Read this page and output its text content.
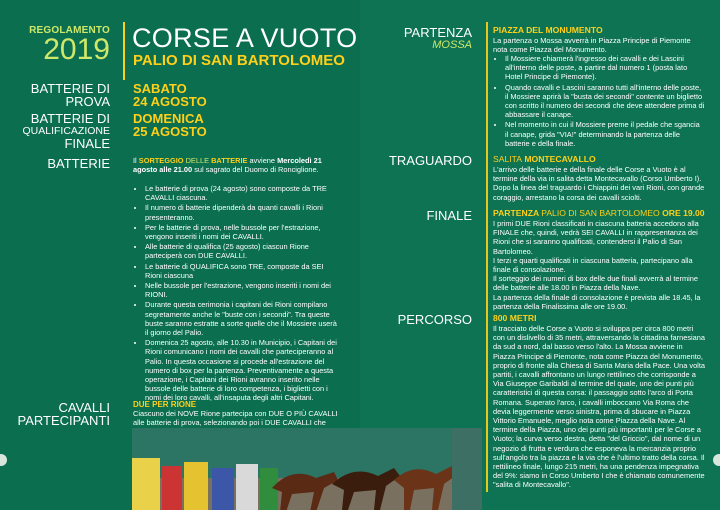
REGOLAMENTO
2019 CORSE A VUOTO
PALIO DI SAN BARTOLOMEO
BATTERIE DI
PROVA
SABATO
24 AGOSTO
BATTERIE DI
QUALIFICAZIONE
FINALE
DOMENICA
25 AGOSTO
BATTERIE	Il SORTEGGIO DELLE BATTERIE avviene Mercoledì 21 agosto alle 21.00 sul sagrato del Duomo di Ronciglione.
• Le batterie di prova (24 agosto) sono composte da TRE CAVALLI ciascuna.
• Il numero di batterie dipenderà da quanti cavalli i Rioni presenteranno.
• Per le batterie di prova, nelle bussole per l'estrazione, vengono inseriti i nomi dei CAVALLI.
• Alle batterie di qualifica (25 agosto) ciascun Rione parteciperà con DUE CAVALLI.
• Le batterie di QUALIFICA sono TRE, composte da SEI Rioni ciascuna
• Nelle bussole per l'estrazione, vengono inseriti i nomi dei RIONI.
• Durante questa cerimonia i capitani dei Rioni compilano segretamente anche le "buste con i secondi". Tra queste buste saranno estratte a sorte quelle che il Mossiere userà il giorno del Palio.
• Domenica 25 agosto, alle 10.30 in Municipio, i Capitani dei Rioni comunicano i nomi dei cavalli che parteciperanno al Palio. In questa occasione si procede all'estrazione del numero di box per la partenza. Preventivamente a questa operazione, i Capitani dei Rioni avranno inserito nelle bussole delle batterie di loro competenza, i biglietti con i nomi dei loro cavalli, all'insaputa degli altri Capitani.
CAVALLI
PARTECIPANTI
DUE PER RIONE
Ciascuno dei NOVE Rione partecipa con DUE O PIÙ CAVALLI alle batterie di prova, selezionando poi i DUE CAVALLI che
PARTENZA
MOSSA
PIAZZA DEL MONUMENTO
La partenza o Mossa avverrà in Piazza Principe di Piemonte nota come Piazza del Monumento.
• Il Mossiere chiamerà l'ingresso dei cavalli e dei Lascini all'interno delle poste, a partire dal numero 1 (posta lato Hotel Principe di Piemonte).
• Quando cavalli e Lascini saranno tutti all'interno delle poste, il Mossiere aprirà la "busta dei secondi" contente un biglietto con scritto il numero dei secondi che deve attendere prima di abbassare il canape.
• Nel momento in cui il Mossiere preme il pedale che sgancia il canape, grida "VIA!" determinando la partenza delle batterie e della finale.
TRAGUARDO SALITA MONTECAVALLO
L'arrivo delle batterie e della finale delle Corse a Vuoto è al termine della via in salita detta Montecavallo (Corso Umberto I). Dopo la linea del traguardo i Chiappini dei vari Rioni, con grande coraggio, arrestano la corsa dei cavalli sciolti.
FINALE PARTENZA PALIO DI SAN BARTOLOMEO ORE 19.00
I primi DUE Rioni classificati in ciascuna batteria accedono alla FINALE che, quindi, vedrà SEI CAVALLI in rappresentanza dei Rioni che si saranno qualificati, contendersi il Palio di San Bartolomeo.
I terzi e quarti qualificati in ciascuna batteria, partecipano alla finale di consolazione.
Il sorteggio dei numeri di box delle due finali avverrà al termine delle batterie alle 18.00 in Piazza della Nave.
La partenza della finale di consolazione è prevista alle 18.45, la partenza della Finalissima alle ore 19.00.
PERCORSO 800 METRI
Il tracciato delle Corse a Vuoto si sviluppa per circa 800 metri con un dislivello di 35 metri, attraversando la cittadina farnesiana da sud a nord, dal basso verso l'alto. La Mossa avviene in Piazza Principe di Piemonte, nota come Piazza del Monumento, proprio di fronte alla Chiesa di Santa Maria della Pace. Una volta partiti, i cavalli affrontano un lungo rettilineo che corrisponde a Via Giuseppe Garibaldi al termine del quale, uno dei punti più caratteristici di questa corsa: il passaggio sotto l'arco di Porta Romana. Superato l'arco, i cavalli imboccano Via Roma che deviа leggermente verso sinistra, prima di sbucare in Piazza Vittorio Emanuele, meglio nota come Piazza della Nave. Al termine della Piazza, uno dei punti più importanti per le Corse a Vuoto; la curva verso destra, detta "del Griccio", dal nome di un negozio di frutta e verdura che esponeva la mercanzia proprio sull'angolo tra la piazza e la via che è l'ultimo tratto della corsa. Il rettilineo finale, lungo 215 metri, ha una pendenza impegnativa del 9%: siamo in Corso Umberto I che è chiamato comunemente "salita di Montecavallo".
